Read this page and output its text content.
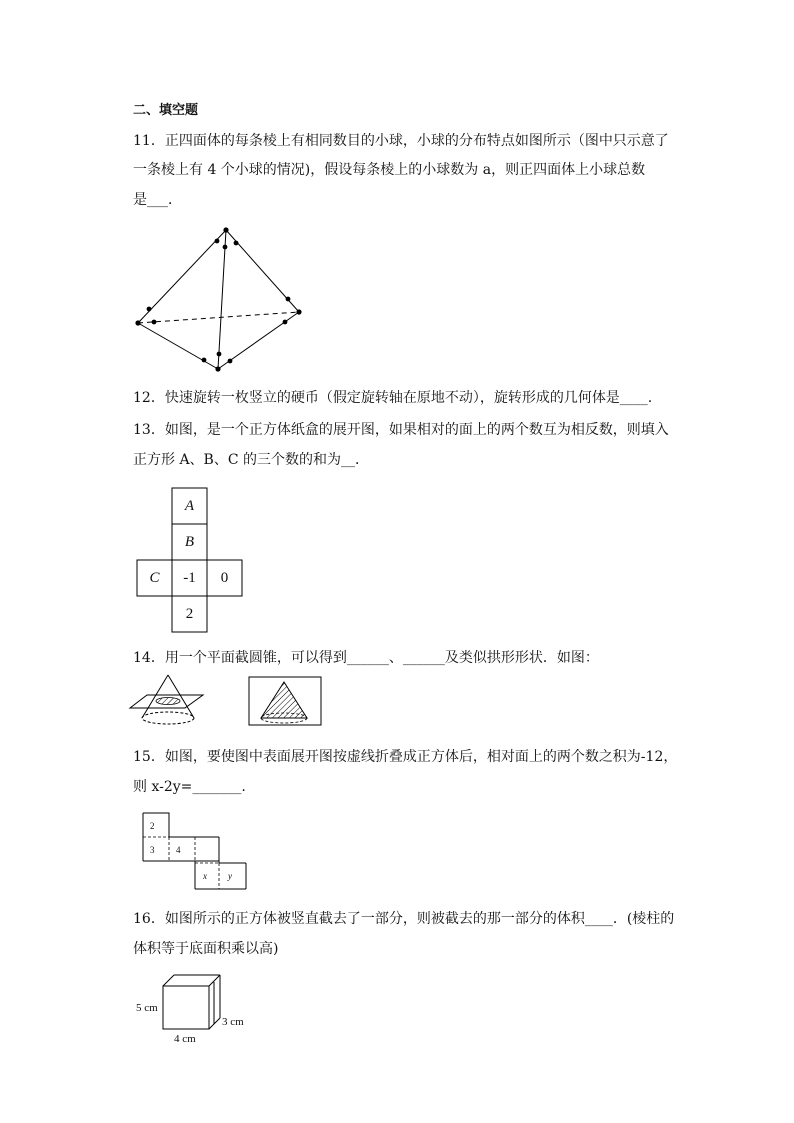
二、填空题
11．正四面体的每条棱上有相同数目的小球，小球的分布特点如图所示（图中只示意了
一条棱上有 4 个小球的情况)，假设每条棱上的小球数为 a，则正四面体上小球总数
是___．
12．快速旋转一枚竖立的硬币（假定旋转轴在原地不动），旋转形成的几何体是____.
13．如图，是一个正方体纸盒的展开图，如果相对的面上的两个数互为相反数，则填入
正方形 A、B、C 的三个数的和为__．
A
B
C	-1	0
2
14．用一个平面截圆锥，可以得到______、______及类似拱形形状．如图：
15．如图，要使图中表面展开图按虚线折叠成正方体后，相对面上的两个数之积为-12，
则 x-2y=_______.
2
3 4
x y
16．如图所示的正方体被竖直截去了一部分，则被截去的那一部分的体积____．(棱柱的
体积等于底面积乘以高)
5 cm
4 cm
3 cm
